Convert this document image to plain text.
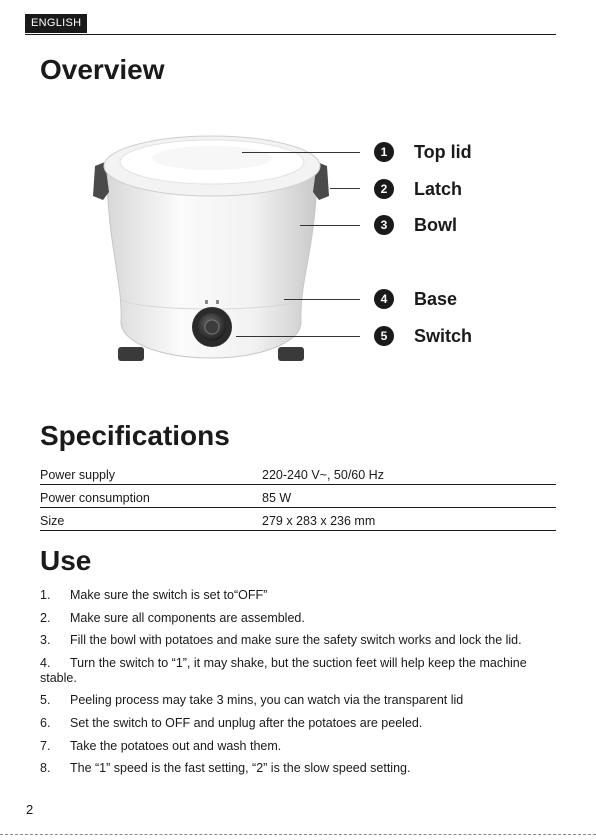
ENGLISH
Overview
1	Top lid
2	Latch
3	Bowl
4	Base
5	Switch
Specifications
Power supply	220-240 V~, 50/60 Hz
Power consumption	85 W
Size	279 x 283 x 236 mm
Use
1. Make sure the switch is set to“OFF”
2. Make sure all components are assembled.
3. Fill the bowl with potatoes and make sure the safety switch works and lock the lid.
4. Turn the switch to “1”, it may shake, but the suction feet will help keep the machine stable.
5. Peeling process may take 3 mins, you can watch via the transparent lid
6. Set the switch to OFF and unplug after the potatoes are peeled.
7. Take the potatoes out and wash them.
8. The “1” speed is the fast setting, “2” is the slow speed setting.
2
